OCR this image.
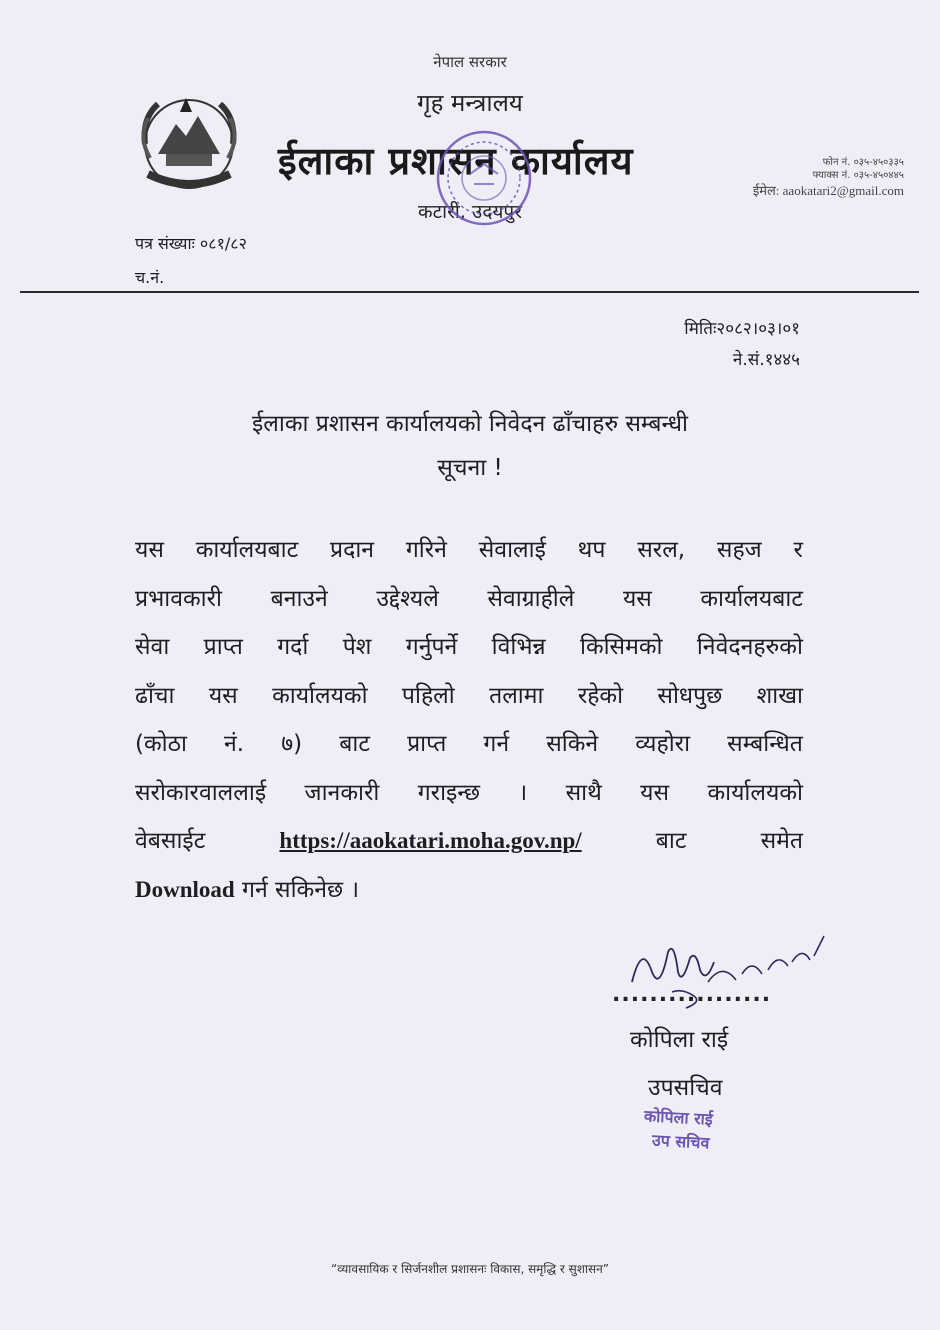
नेपाल सरकार
गृह मन्त्रालय
ईलाका प्रशासन कार्यालय
कटारी, उदयपुर
फोन नं. ०३५-४५०३३५
फ्याक्स नं. ०३५-४५०४४५
ईमेल: aaokatari2@gmail.com
पत्र संख्याः ०८१/८२
च.नं.
मितिः२०८२।०३।०१
ने.सं.१४४५
ईलाका प्रशासन कार्यालयको निवेदन ढाँचाहरु सम्बन्धी
सूचना !
यस कार्यालयबाट प्रदान गरिने सेवालाई थप सरल, सहज र
प्रभावकारी बनाउने उद्देश्यले सेवाग्राहीले यस कार्यालयबाट
सेवा प्राप्त गर्दा पेश गर्नुपर्ने विभिन्न किसिमको निवेदनहरुको
ढाँचा यस कार्यालयको पहिलो तलामा रहेको सोधपुछ शाखा
(कोठा नं. ७) बाट प्राप्त गर्न सकिने व्यहोरा सम्बन्धित
सरोकारवाललाई जानकारी गराइन्छ । साथै यस कार्यालयको
वेबसाईट	https://aaokatari.moha.gov.np/	बाट	समेत
Download
गर्न सकिनेछ ।
.................
कोपिला राई
उपसचिव
कोपिला राई
उप सचिव
“व्यावसायिक र सिर्जनशील प्रशासनः विकास, समृद्धि र सुशासन”
